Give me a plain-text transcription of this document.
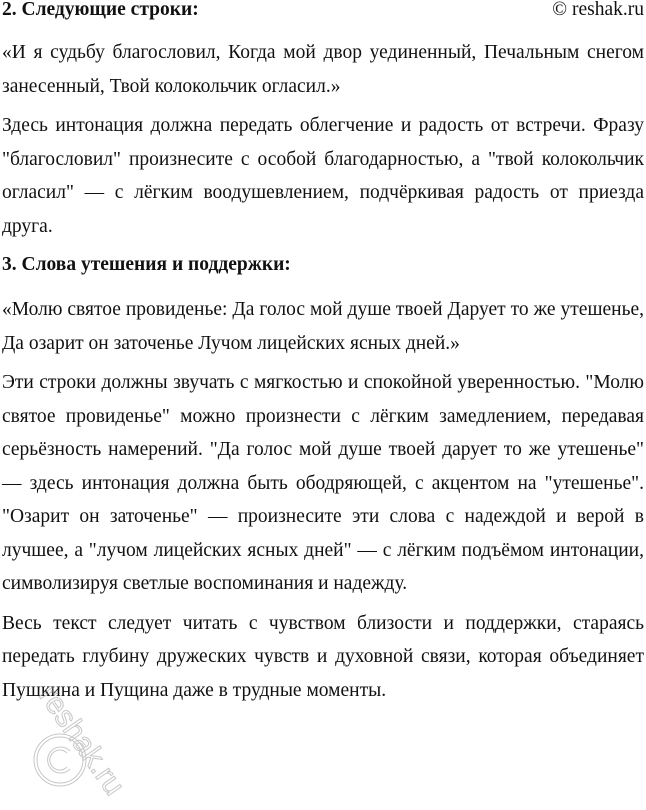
2. Следующие строки:	© reshak.ru

«И я судьбу благословил, Когда мой двор уединенный, Печальным снегом занесенный, Твой колокольчик огласил.»

Здесь интонация должна передать облегчение и радость от встречи. Фразу "благословил" произнесите с особой благодарностью, а "твой колокольчик огласил" — с лёгким воодушевлением, подчёркивая радость от приезда друга.

3. Слова утешения и поддержки:

«Молю святое провиденье: Да голос мой душе твоей Дарует то же утешенье, Да озарит он заточенье Лучом лицейских ясных дней.»

Эти строки должны звучать с мягкостью и спокойной уверенностью. "Молю святое провиденье" можно произнести с лёгким замедлением, передавая серьёзность намерений. "Да голос мой душе твоей дарует то же утешенье" — здесь интонация должна быть ободряющей, с акцентом на "утешенье". "Озарит он заточенье" — произнесите эти слова с надеждой и верой в лучшее, а "лучом лицейских ясных дней" — с лёгким подъёмом интонации, символизируя светлые воспоминания и надежду.

Весь текст следует читать с чувством близости и поддержки, стараясь передать глубину дружеских чувств и духовной связи, которая объединяет Пушкина и Пущина даже в трудные моменты.

reshak.ru
